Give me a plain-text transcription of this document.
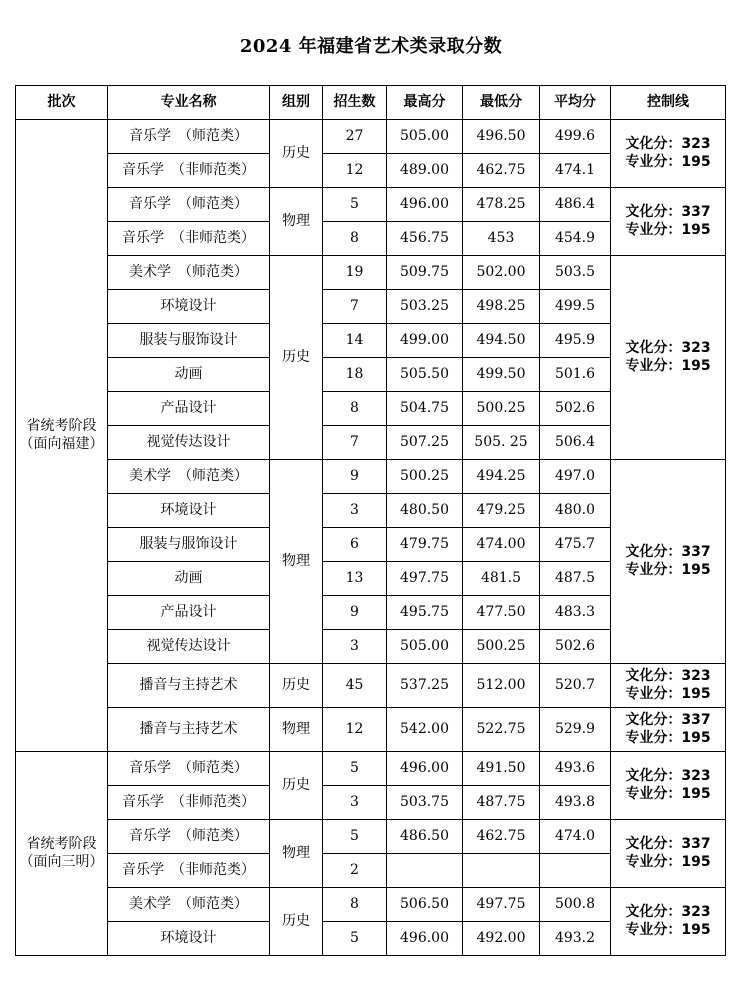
2024 年福建省艺术类录取分数
批次	专业名称	组别	招生数	最高分	最低分	平均分	控制线
省统考阶段
（面向福建）	音乐学　（师范类）	历史	27	505.00	496.50	499.6	文化分：323
专业分：195

	音乐学　（非师范类）		12	489.00	462.75	474.1	
	音乐学　（师范类）	物理	5	496.00	478.25	486.4	文化分：337
专业分：195

	音乐学　（非师范类）		8	456.75	453	454.9	
	美术学　（师范类）	历史	19	509.75	502.00	503.5	文化分：323
专业分：195

	环境设计		7	503.25	498.25	499.5	
	服装与服饰设计		14	499.00	494.50	495.9	
	动画		18	505.50	499.50	501.6	
	产品设计		8	504.75	500.25	502.6	
	视觉传达设计		7	507.25	505. 25	506.4	
	美术学　（师范类）	物理	9	500.25	494.25	497.0	文化分：337
专业分：195

	环境设计		3	480.50	479.25	480.0	
	服装与服饰设计		6	479.75	474.00	475.7	
	动画		13	497.75	481.5	487.5	
	产品设计		9	495.75	477.50	483.3	
	视觉传达设计		3	505.00	500.25	502.6	
	播音与主持艺术	历史	45	537.25	512.00	520.7	文化分：323
专业分：195

	播音与主持艺术	物理	12	542.00	522.75	529.9	文化分：337
专业分：195

省统考阶段
（面向三明）	音乐学　（师范类）	历史	5	496.00	491.50	493.6	文化分：323
专业分：195

	音乐学　（非师范类）		3	503.75	487.75	493.8	
	音乐学　（师范类）	物理	5	486.50	462.75	474.0	文化分：337
专业分：195

	音乐学　（非师范类）		2				
	美术学　（师范类）	历史	8	506.50	497.75	500.8	文化分：323
专业分：195

	环境设计		5	496.00	492.00	493.2	
